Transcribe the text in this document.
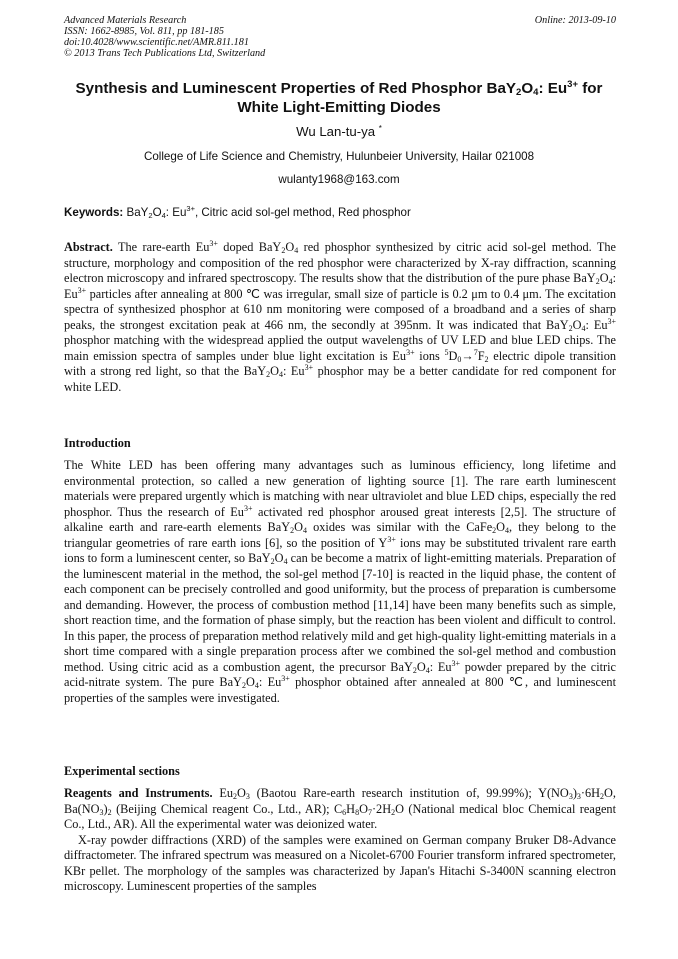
Advanced Materials Research
ISSN: 1662-8985, Vol. 811, pp 181-185
doi:10.4028/www.scientific.net/AMR.811.181
© 2013 Trans Tech Publications Ltd, Switzerland
Online: 2013-09-10
Synthesis and Luminescent Properties of Red Phosphor $BaY_2O_4$: $Eu^{3+}$ for
White Light-Emitting Diodes
Wu Lan-tu-ya *
College of Life Science and Chemistry, Hulunbeier University, Hailar 021008
wulanty1968@163.com
Keywords: $BaY_2O_4$: $Eu^{3+}$, Citric acid sol-gel method, Red phosphor

Abstract. The rare-earth $Eu^{3+}$ doped $BaY_2O_4$ red phosphor synthesized by citric acid sol-gel method. The structure, morphology and composition of the red phosphor were characterized by X-ray diffraction, scanning electron microscopy and infrared spectroscopy. The results show that the distribution of the pure phase $BaY_2O_4$: $Eu^{3+}$ particles after annealing at 800 ℃ was irregular, small size of particle is 0.2 μm to 0.4 μm. The excitation spectra of synthesized phosphor at 610 nm monitoring were composed of a broadband and a series of sharp peaks, the strongest excitation peak at 466 nm, the secondly at 395nm. It was indicated that $BaY_2O_4$: $Eu^{3+}$ phosphor matching with the widespread applied the output wavelengths of UV LED and blue LED chips. The main emission spectra of samples under blue light excitation is $Eu^{3+}$ ions $^5D_0\to^7F_2$ electric dipole transition with a strong red light, so that the $BaY_2O_4$: $Eu^{3+}$ phosphor may be a better candidate for red component for white LED.

Introduction

The White LED has been offering many advantages such as luminous efficiency, long lifetime and environmental protection, so called a new generation of lighting source [1]. The rare earth luminescent materials were prepared urgently which is matching with near ultraviolet and blue LED chips, especially the red phosphor. Thus the research of $Eu^{3+}$ activated red phosphor aroused great interests [2,5]. The structure of alkaline earth and rare-earth elements $BaY_2O_4$ oxides was similar with the $CaFe_2O_4$, they belong to the triangular geometries of rare earth ions [6], so the position of $Y^{3+}$ ions may be substituted trivalent rare earth ions to form a luminescent center, so $BaY_2O_4$ can be become a matrix of light-emitting materials. Preparation of the luminescent material in the method, the sol-gel method [7-10] is reacted in the liquid phase, the content of each component can be precisely controlled and good uniformity, but the process of preparation is cumbersome and demanding. However, the process of combustion method [11,14] have been many benefits such as simple, short reaction time, and the formation of phase simply, but the reaction has been violent and difficult to control. In this paper, the process of preparation method relatively mild and get high-quality light-emitting materials in a short time compared with a single preparation process after we combined the sol-gel method and combustion method. Using citric acid as a combustion agent, the precursor $BaY_2O_4$: $Eu^{3+}$ powder prepared by the citric acid-nitrate system. The pure $BaY_2O_4$: $Eu^{3+}$ phosphor obtained after annealed at 800 ℃, and luminescent properties of the samples were investigated.

Experimental sections

Reagents and Instruments. $Eu_2O_3$ (Baotou Rare-earth research institution of, 99.99%); $Y(NO_3)_3\cdot 6H_2O$, $Ba(NO_3)_2$ (Beijing Chemical reagent Co., Ltd., AR); $C_6H_8O_7\cdot 2H_2O$ (National medical bloc Chemical reagent Co., Ltd., AR). All the experimental water was deionized water.

X-ray powder diffractions (XRD) of the samples were examined on German company Bruker D8-Advance diffractometer. The infrared spectrum was measured on a Nicolet-6700 Fourier transform infrared spectrometer, KBr pellet. The morphology of the samples was characterized by Japan's Hitachi S-3400N scanning electron microscopy. Luminescent properties of the samples
